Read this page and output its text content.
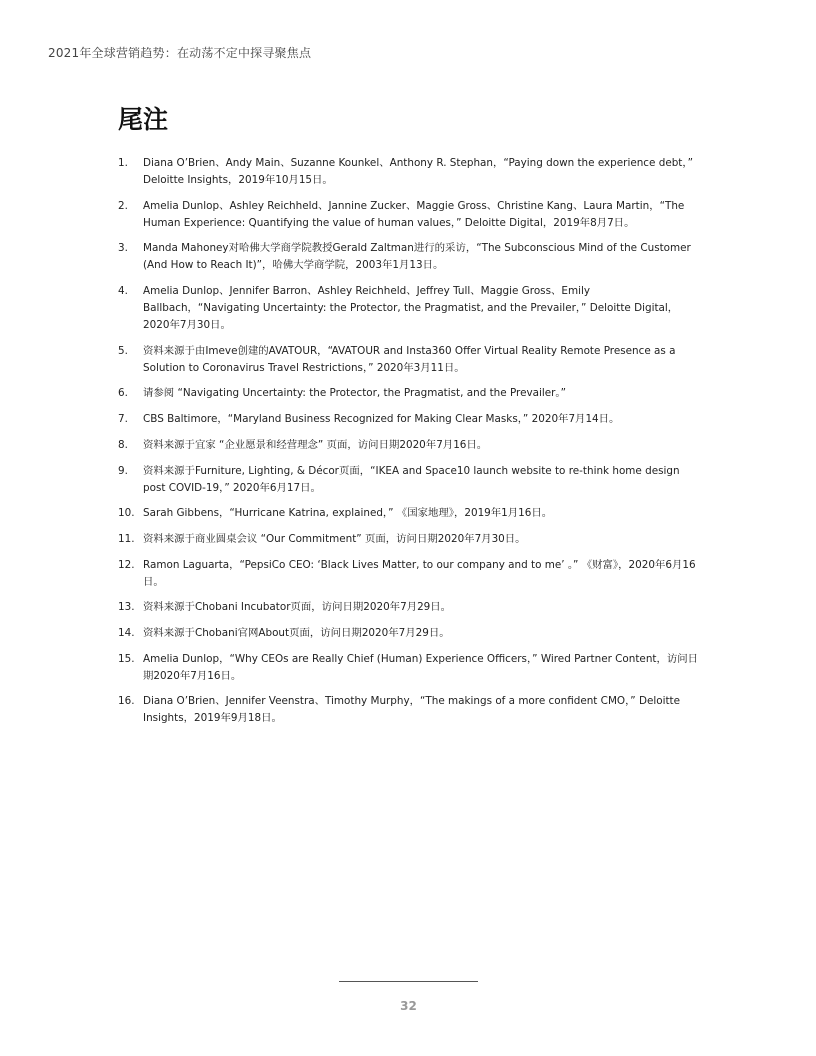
2021年全球营销趋势：在动荡不定中探寻聚焦点
尾注
1.	Diana O’Brien、Andy Main、Suzanne Kounkel、Anthony R. Stephan，“Paying down the experience debt，” Deloitte Insights，2019年10月15日。
2.	Amelia Dunlop、Ashley Reichheld、Jannine Zucker、Maggie Gross、Christine Kang、Laura Martin，“The Human Experience: Quantifying the value of human values，” Deloitte Digital，2019年8月7日。
3.	Manda Mahoney对哈佛大学商学院教授Gerald Zaltman进行的采访，“The Subconscious Mind of the Customer (And How to Reach It)”，哈佛大学商学院，2003年1月13日。
4.	Amelia Dunlop、Jennifer Barron、Ashley Reichheld、Jeffrey Tull、Maggie Gross、Emily Ballbach，“Navigating Uncertainty: the Protector, the Pragmatist, and the Prevailer，” Deloitte Digital，2020年7月30日。
5.	资料来源于由Imeve创建的AVATOUR，“AVATOUR and Insta360 Offer Virtual Reality Remote Presence as a Solution to Coronavirus Travel Restrictions，” 2020年3月11日。
6.	请参阅 “Navigating Uncertainty: the Protector, the Pragmatist, and the Prevailer。”
7.	CBS Baltimore，“Maryland Business Recognized for Making Clear Masks，” 2020年7月14日。
8.	资料来源于宜家 “企业愿景和经营理念” 页面，访问日期2020年7月16日。
9.	资料来源于Furniture, Lighting, & Décor页面，“IKEA and Space10 launch website to re-think home design post COVID-19，” 2020年6月17日。
10. Sarah Gibbens，“Hurricane Katrina, explained，” 《国家地理》，2019年1月16日。
11. 资料来源于商业圆桌会议 “Our Commitment” 页面，访问日期2020年7月30日。
12. Ramon Laguarta，“PepsiCo CEO: ‘Black Lives Matter, to our company and to me’ 。” 《财富》，2020年6月16日。
13. 资料来源于Chobani Incubator页面，访问日期2020年7月29日。
14. 资料来源于Chobani官网About页面，访问日期2020年7月29日。
15. Amelia Dunlop，“Why CEOs are Really Chief (Human) Experience Officers，” Wired Partner Content，访问日期2020年7月16日。
16. Diana O’Brien、Jennifer Veenstra、Timothy Murphy，“The makings of a more confident CMO，” Deloitte Insights，2019年9月18日。
32
